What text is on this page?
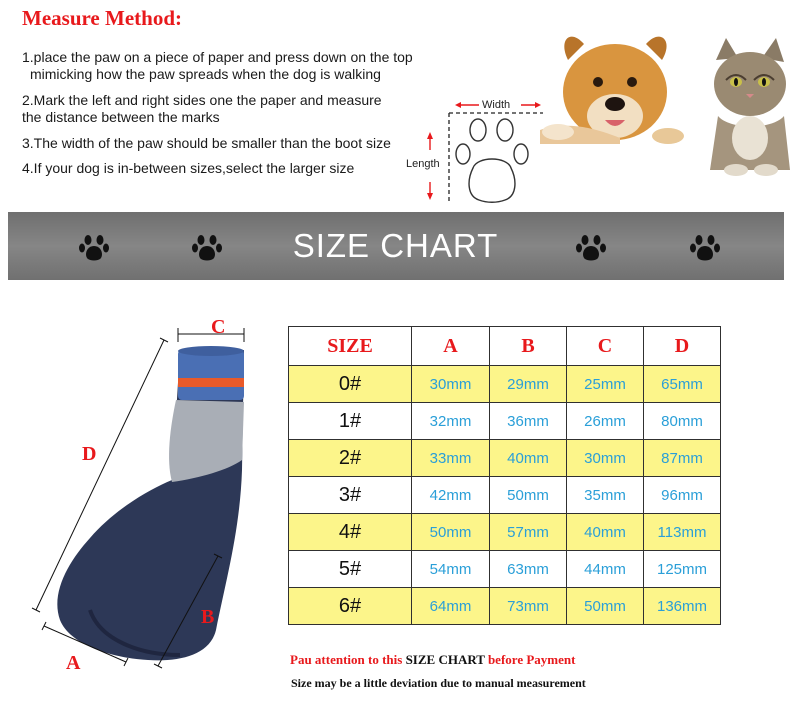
Measure Method:
1.place the paw on a piece of paper and press down on the top
mimicking how the paw spreads when the dog is walking
2.Mark the left and right sides one the paper and measure
the distance between the marks
3.The width of the paw should be smaller than the boot size
4.If your dog is in-between sizes,select the larger size
Width
Length
SIZE CHART
C
D
B
A
SIZE	A	B	C	D
0#	30mm	29mm	25mm	65mm
1#	32mm	36mm	26mm	80mm
2#	33mm	40mm	30mm	87mm
3#	42mm	50mm	35mm	96mm
4#	50mm	57mm	40mm	113mm
5#	54mm	63mm	44mm	125mm
6#	64mm	73mm	50mm	136mm
Pau attention to this SIZE CHART before Payment
Size may be a little deviation due to manual measurement
